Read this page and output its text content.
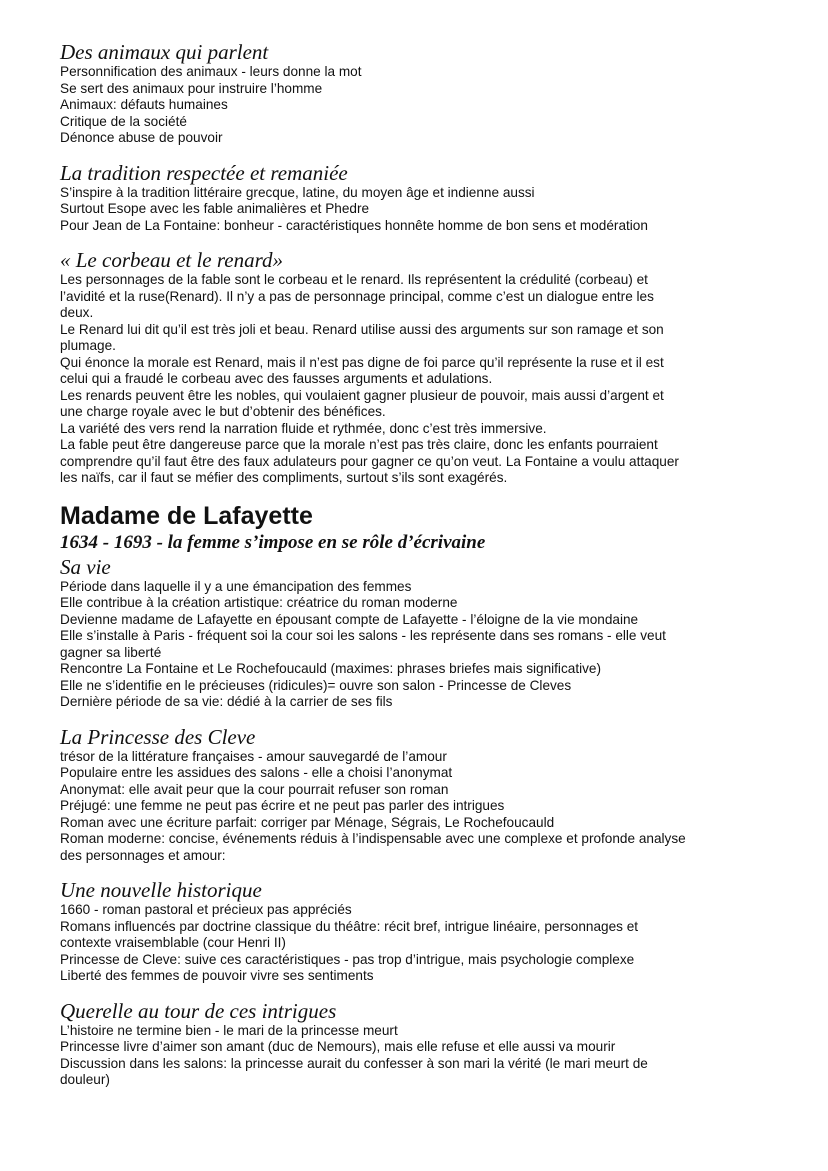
Des animaux qui parlent

Personnification des animaux - leurs donne la mot

Se sert des animaux pour instruire l’homme

Animaux: défauts humaines

Critique de la société

Dénonce abuse de pouvoir

La tradition respectée et remaniée

S’inspire à la tradition littéraire grecque, latine, du moyen âge et indienne aussi

Surtout Esope avec les fable animalières et Phedre

Pour Jean de La Fontaine: bonheur - caractéristiques honnête homme de bon sens et modération

« Le corbeau et le renard»

Les personnages de la fable sont le corbeau et le renard. Ils représentent la crédulité (corbeau) et

l’avidité et la ruse(Renard). Il n’y a pas de personnage principal, comme c’est un dialogue entre les

deux.

Le Renard lui dit qu’il est très joli et beau. Renard utilise aussi des arguments sur son ramage et son

plumage.

Qui énonce la morale est Renard, mais il n’est pas digne de foi parce qu’il représente la ruse et il est

celui qui a fraudé le corbeau avec des fausses arguments et adulations.

Les renards peuvent être les nobles, qui voulaient gagner plusieur de pouvoir, mais aussi d’argent et

une charge royale avec le but d’obtenir des bénéfices.

La variété des vers rend la narration fluide et rythmée, donc c’est très immersive.

La fable peut être dangereuse parce que la morale n’est pas très claire, donc les enfants pourraient

comprendre qu’il faut être des faux adulateurs pour gagner ce qu’on veut. La Fontaine a voulu attaquer

les naïfs, car il faut se méfier des compliments, surtout s’ils sont exagérés.

Madame de Lafayette
1634 - 1693 - la femme s’impose en se rôle d’écrivaine
Sa vie

Période dans laquelle il y a une émancipation des femmes

Elle contribue à la création artistique: créatrice du roman moderne

Devienne madame de Lafayette en épousant compte de Lafayette - l’éloigne de la vie mondaine

Elle s’installe à Paris - fréquent soi la cour soi les salons - les représente dans ses romans - elle veut

gagner sa liberté

Rencontre La Fontaine et Le Rochefoucauld (maximes: phrases briefes mais significative)

Elle ne s’identifie en le précieuses (ridicules)= ouvre son salon - Princesse de Cleves

Dernière période de sa vie: dédié à la carrier de ses fils

La Princesse des Cleve

trésor de la littérature françaises - amour sauvegardé de l’amour

Populaire entre les assidues des salons - elle a choisi l’anonymat

Anonymat: elle avait peur que la cour pourrait refuser son roman

Préjugé: une femme ne peut pas écrire et ne peut pas parler des intrigues

Roman avec une écriture parfait: corriger par Ménage, Ségrais, Le Rochefoucauld

Roman moderne: concise, événements réduis à l’indispensable avec une complexe et profonde analyse

des personnages et amour:

Une nouvelle historique

1660 - roman pastoral et précieux pas appréciés

Romans influencés par doctrine classique du théâtre: récit bref, intrigue linéaire, personnages et

contexte vraisemblable (cour Henri II)

Princesse de Cleve: suive ces caractéristiques - pas trop d’intrigue, mais psychologie complexe

Liberté des femmes de pouvoir vivre ses sentiments

Querelle au tour de ces intrigues

L’histoire ne termine bien - le mari de la princesse meurt

Princesse livre d’aimer son amant (duc de Nemours), mais elle refuse et elle aussi va mourir

Discussion dans les salons: la princesse aurait du confesser à son mari la vérité (le mari meurt de

douleur)
